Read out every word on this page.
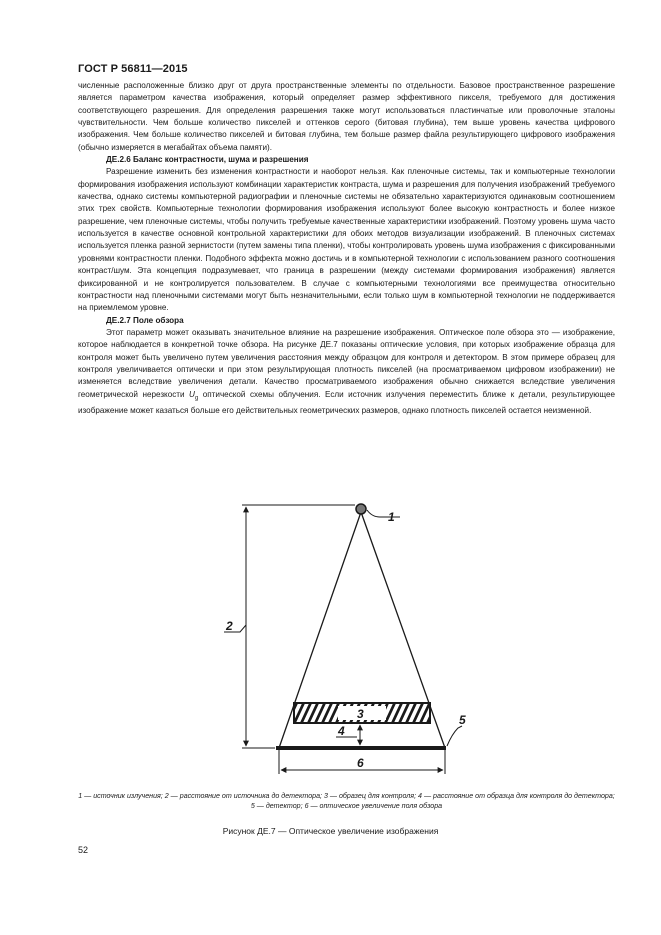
ГОСТ Р 56811—2015

численные расположенные близко друг от друга пространственные элементы по отдельности. Базовое пространственное разрешение является параметром качества изображения, который определяет размер эффективного пикселя, требуемого для достижения соответствующего разрешения. Для определения разрешения также могут использоваться пластинчатые или проволочные эталоны чувствительности. Чем больше количество пикселей и оттенков серого (битовая глубина), тем выше уровень качества цифрового изображения. Чем больше количество пикселей и битовая глубина, тем больше размер файла результирующего цифрового изображения (обычно измеряется в мегабайтах объема памяти).

ДЕ.2.6 Баланс контрастности, шума и разрешения

Разрешение изменить без изменения контрастности и наоборот нельзя. Как пленочные системы, так и компьютерные технологии формирования изображения используют комбинации характеристик контраста, шума и разрешения для получения изображений требуемого качества, однако системы компьютерной радиографии и пленочные системы не обязательно характеризуются одинаковым соотношением этих трех свойств. Компьютерные технологии формирования изображения используют более высокую контрастность и более низкое разрешение, чем пленочные системы, чтобы получить требуемые качественные характеристики изображений. Поэтому уровень шума часто используется в качестве основной контрольной характеристики для обоих методов визуализации изображений. В пленочных системах используется пленка разной зернистости (путем замены типа пленки), чтобы контролировать уровень шума изображения с фиксированными уровнями контрастности пленки. Подобного эффекта можно достичь и в компьютерной технологии с использованием разного соотношения контраст/шум. Эта концепция подразумевает, что граница в разрешении (между системами формирования изображения) является фиксированной и не контролируется пользователем. В случае с компьютерными технологиями все преимущества относительно контрастности над пленочными системами могут быть незначительными, если только шум в компьютерной технологии не поддерживается на приемлемом уровне.

ДЕ.2.7 Поле обзора

Этот параметр может оказывать значительное влияние на разрешение изображения. Оптическое поле обзора это — изображение, которое наблюдается в конкретной точке обзора. На рисунке ДЕ.7 показаны оптические условия, при которых изображение образца для контроля может быть увеличено путем увеличения расстояния между образцом для контроля и детектором. В этом примере образец для контроля увеличивается оптически и при этом результирующая плотность пикселей (на просматриваемом цифровом изображении) не изменяется вследствие увеличения детали. Качество просматриваемого изображения обычно снижается вследствие увеличения геометрической нерезкости $U_g$ оптической схемы облучения. Если источник излучения переместить ближе к детали, результирующее изображение может казаться больше его действительных геометрических размеров, однако плотность пикселей остается неизменной.

1
2
3
4
5
6
1 — источник излучения; 2 — расстояние от источника до детектора; 3 — образец для контроля; 4 — расстояние от образца для контроля до детектора; 5 — детектор; 6 — оптическое увеличение поля обзора
Рисунок ДЕ.7 — Оптическое увеличение изображения
52
